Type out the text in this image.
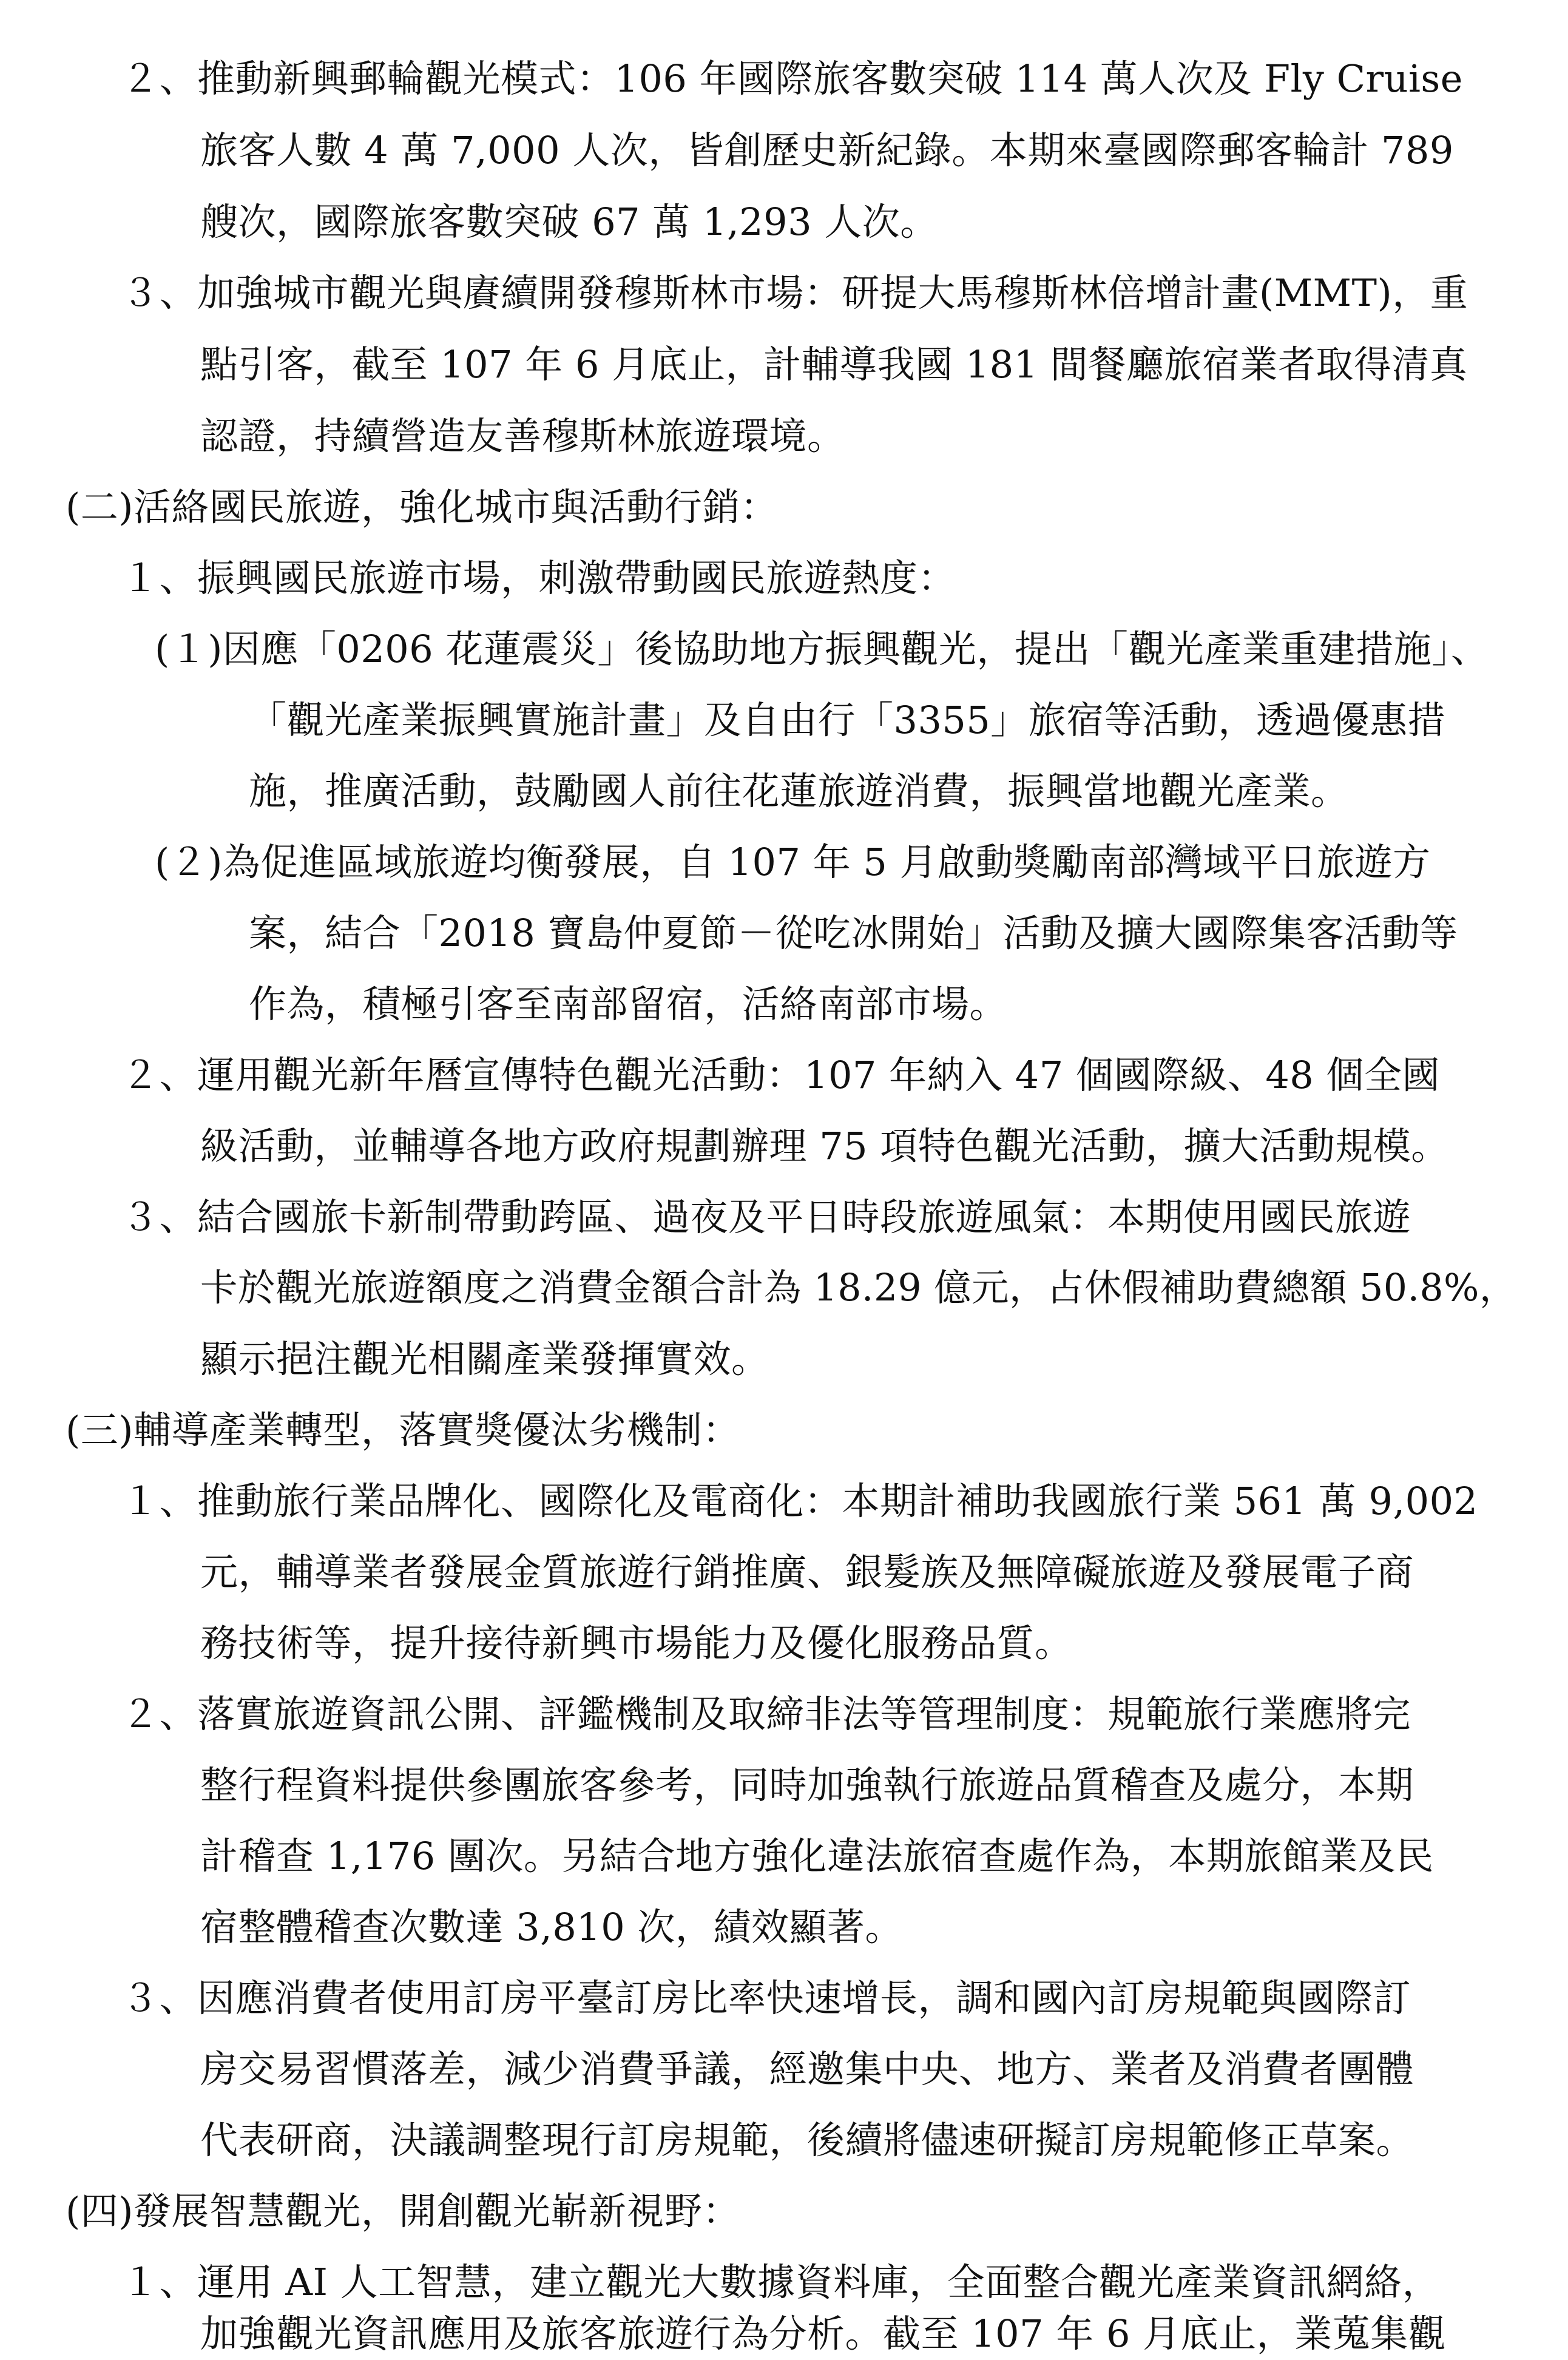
２、推動新興郵輪觀光模式：106 年國際旅客數突破 114 萬人次及 Fly Cruise
旅客人數 4 萬 7,000 人次，皆創歷史新紀錄。本期來臺國際郵客輪計 789
艘次，國際旅客數突破 67 萬 1,293 人次。
３、加強城市觀光與賡續開發穆斯林市場：研提大馬穆斯林倍增計畫(MMT)，重
點引客，截至 107 年 6 月底止，計輔導我國 181 間餐廳旅宿業者取得清真
認證，持續營造友善穆斯林旅遊環境。
(二)活絡國民旅遊，強化城市與活動行銷：
１、振興國民旅遊市場，刺激帶動國民旅遊熱度：
(１)因應「0206 花蓮震災」後協助地方振興觀光，提出「觀光產業重建措施」、
「觀光產業振興實施計畫」及自由行「3355」旅宿等活動，透過優惠措
施，推廣活動，鼓勵國人前往花蓮旅遊消費，振興當地觀光產業。
(２)為促進區域旅遊均衡發展，自 107 年 5 月啟動獎勵南部灣域平日旅遊方
案，結合「2018 寶島仲夏節－從吃冰開始」活動及擴大國際集客活動等
作為，積極引客至南部留宿，活絡南部市場。
２、運用觀光新年曆宣傳特色觀光活動：107 年納入 47 個國際級、48 個全國
級活動，並輔導各地方政府規劃辦理 75 項特色觀光活動，擴大活動規模。
３、結合國旅卡新制帶動跨區、過夜及平日時段旅遊風氣：本期使用國民旅遊
卡於觀光旅遊額度之消費金額合計為 18.29 億元，占休假補助費總額 50.8%，
顯示挹注觀光相關產業發揮實效。
(三)輔導產業轉型，落實獎優汰劣機制：
１、推動旅行業品牌化、國際化及電商化：本期計補助我國旅行業 561 萬 9,002
元，輔導業者發展金質旅遊行銷推廣、銀髮族及無障礙旅遊及發展電子商
務技術等，提升接待新興市場能力及優化服務品質。
２、落實旅遊資訊公開、評鑑機制及取締非法等管理制度：規範旅行業應將完
整行程資料提供參團旅客參考，同時加強執行旅遊品質稽查及處分，本期
計稽查 1,176 團次。另結合地方強化違法旅宿查處作為，本期旅館業及民
宿整體稽查次數達 3,810 次，績效顯著。
３、因應消費者使用訂房平臺訂房比率快速增長，調和國內訂房規範與國際訂
房交易習慣落差，減少消費爭議，經邀集中央、地方、業者及消費者團體
代表研商，決議調整現行訂房規範，後續將儘速研擬訂房規範修正草案。
(四)發展智慧觀光，開創觀光嶄新視野：
１、運用 AI 人工智慧，建立觀光大數據資料庫，全面整合觀光產業資訊網絡，
加強觀光資訊應用及旅客旅遊行為分析。截至 107 年 6 月底止，業蒐集觀
